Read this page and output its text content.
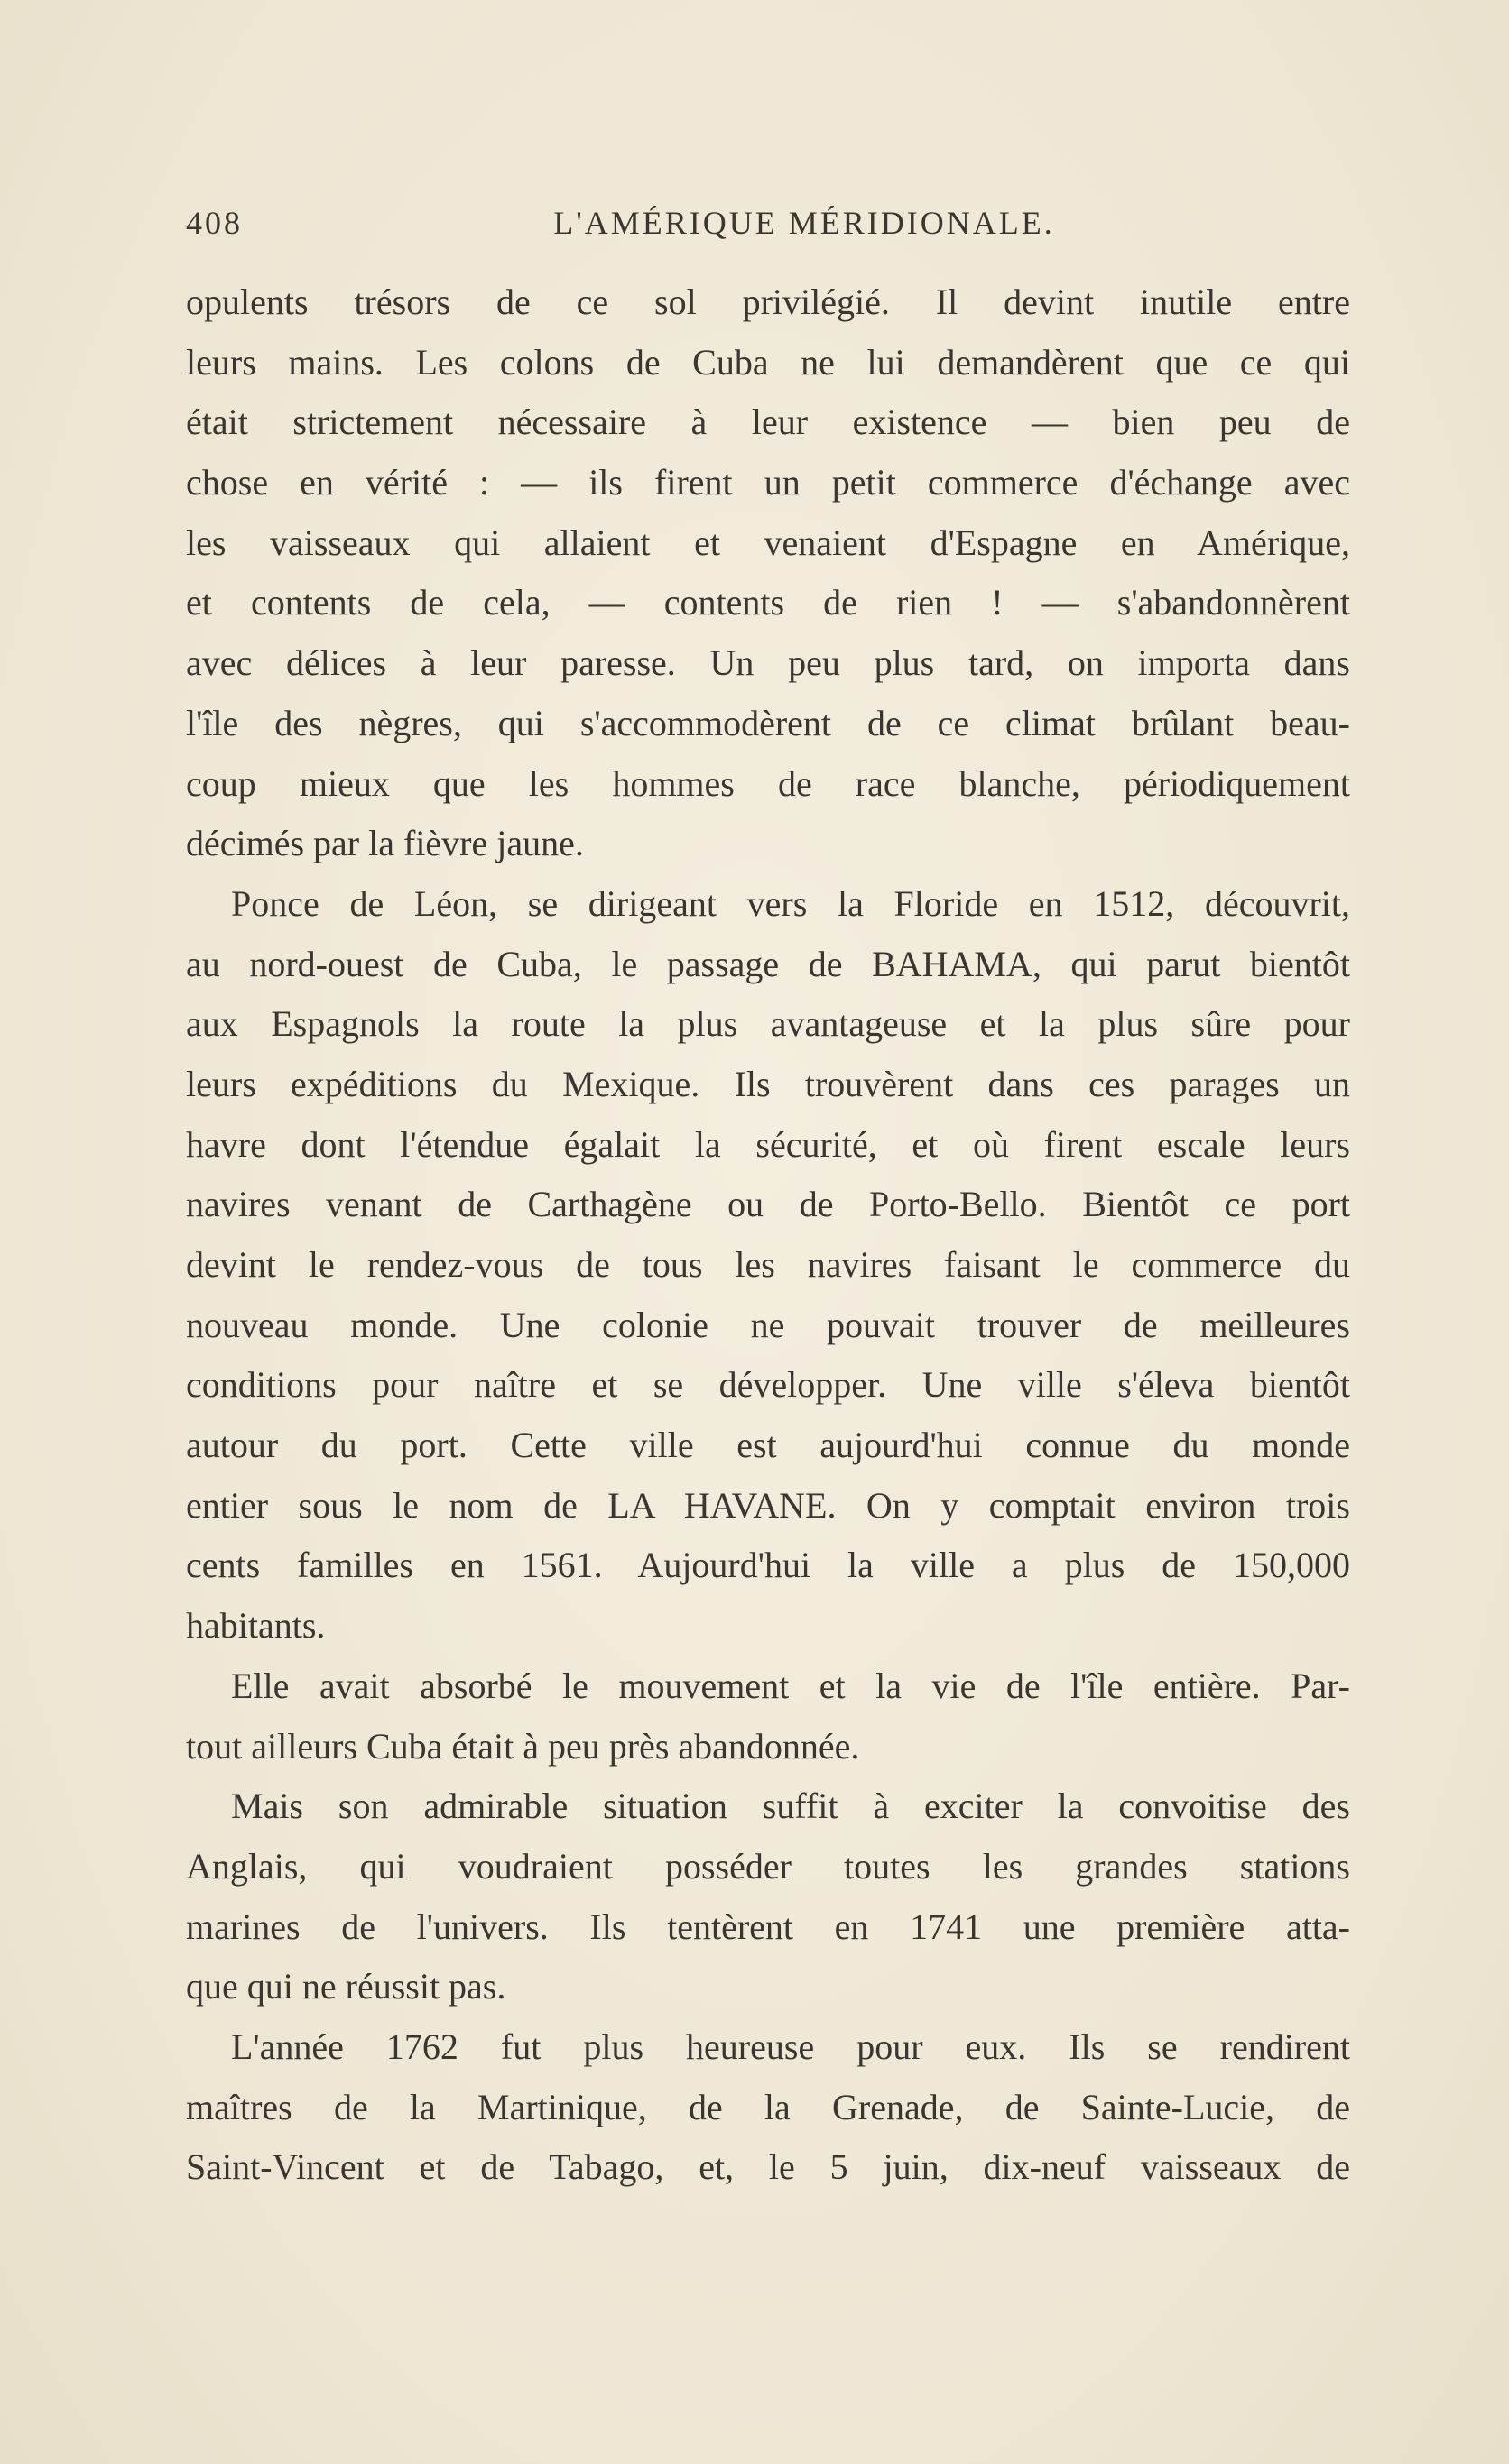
408	L'AMÉRIQUE MÉRIDIONALE.
opulents trésors de ce sol privilégié. Il devint inutile entre
leurs mains. Les colons de Cuba ne lui demandèrent que ce qui
était strictement nécessaire à leur existence — bien peu de
chose en vérité : — ils firent un petit commerce d'échange avec
les vaisseaux qui allaient et venaient d'Espagne en Amérique,
et contents de cela, — contents de rien ! — s'abandonnèrent
avec délices à leur paresse. Un peu plus tard, on importa dans
l'île des nègres, qui s'accommodèrent de ce climat brûlant beau-
coup mieux que les hommes de race blanche, périodiquement
décimés par la fièvre jaune.
Ponce de Léon, se dirigeant vers la Floride en 1512, découvrit,
au nord-ouest de Cuba, le passage de BAHAMA, qui parut bientôt
aux Espagnols la route la plus avantageuse et la plus sûre pour
leurs expéditions du Mexique. Ils trouvèrent dans ces parages un
havre dont l'étendue égalait la sécurité, et où firent escale leurs
navires venant de Carthagène ou de Porto-Bello. Bientôt ce port
devint le rendez-vous de tous les navires faisant le commerce du
nouveau monde. Une colonie ne pouvait trouver de meilleures
conditions pour naître et se développer. Une ville s'éleva bientôt
autour du port. Cette ville est aujourd'hui connue du monde
entier sous le nom de LA HAVANE. On y comptait environ trois
cents familles en 1561. Aujourd'hui la ville a plus de 150,000
habitants.
Elle avait absorbé le mouvement et la vie de l'île entière. Par-
tout ailleurs Cuba était à peu près abandonnée.
Mais son admirable situation suffit à exciter la convoitise des
Anglais, qui voudraient posséder toutes les grandes stations
marines de l'univers. Ils tentèrent en 1741 une première atta-
que qui ne réussit pas.
L'année 1762 fut plus heureuse pour eux. Ils se rendirent
maîtres de la Martinique, de la Grenade, de Sainte-Lucie, de
Saint-Vincent et de Tabago, et, le 5 juin, dix-neuf vaisseaux de
